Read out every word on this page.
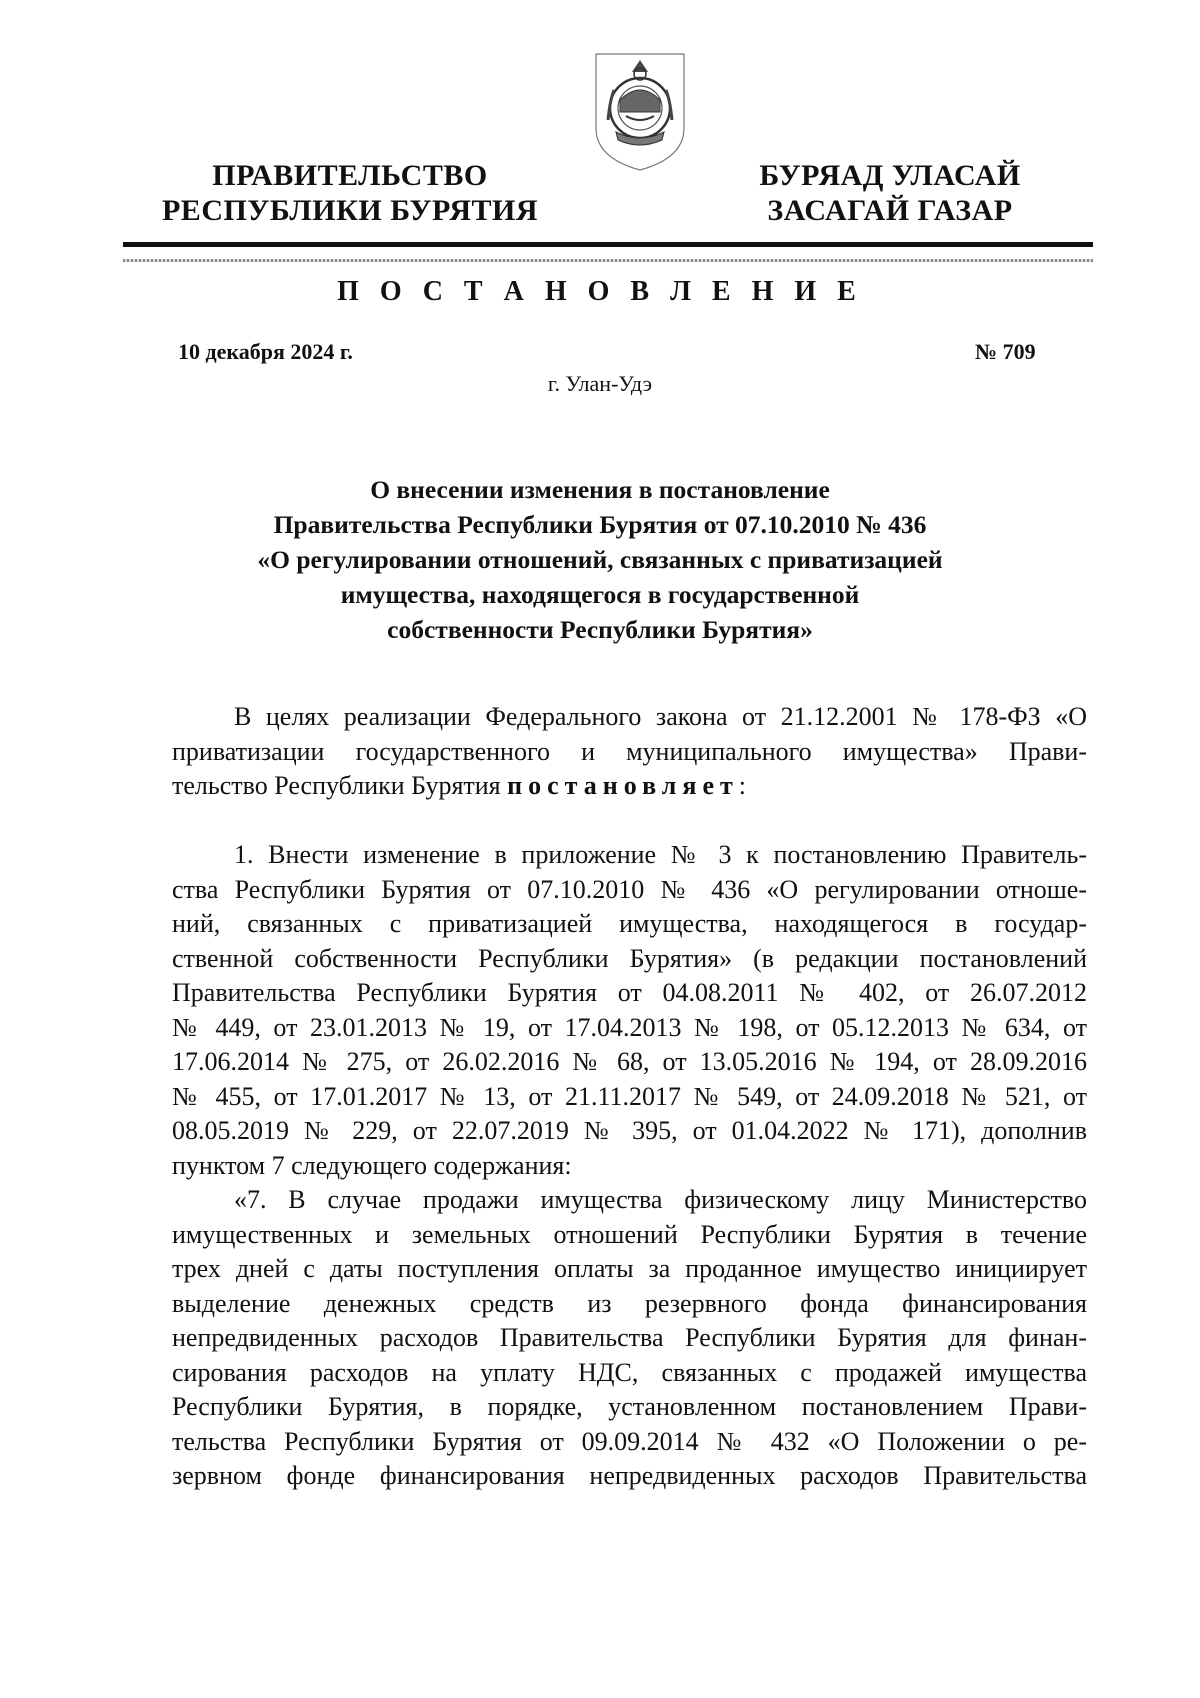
ПРАВИТЕЛЬСТВО
РЕСПУБЛИКИ БУРЯТИЯ
БУРЯАД УЛАСАЙ
ЗАСАГАЙ ГАЗАР
П О С Т А Н О В Л Е Н И Е
10 декабря 2024 г.	№ 709
г. Улан-Удэ
О внесении изменения в постановление
Правительства Республики Бурятия от 07.10.2010 № 436
«О регулировании отношений, связанных с приватизацией
имущества, находящегося в государственной
собственности Республики Бурятия»
В целях реализации Федерального закона от 21.12.2001 № 178-ФЗ «О
приватизации государственного и муниципального имущества» Прави-
тельство Республики Бурятия постановляет:
1. Внести изменение в приложение № 3 к постановлению Правитель-
ства Республики Бурятия от 07.10.2010 № 436 «О регулировании отноше-
ний, связанных с приватизацией имущества, находящегося в государ-
ственной собственности Республики Бурятия» (в редакции постановлений
Правительства Республики Бурятия от 04.08.2011 № 402, от 26.07.2012
№ 449, от 23.01.2013 № 19, от 17.04.2013 № 198, от 05.12.2013 № 634, от
17.06.2014 № 275, от 26.02.2016 № 68, от 13.05.2016 № 194, от 28.09.2016
№ 455, от 17.01.2017 № 13, от 21.11.2017 № 549, от 24.09.2018 № 521, от
08.05.2019 № 229, от 22.07.2019 № 395, от 01.04.2022 № 171), дополнив
пунктом 7 следующего содержания:
«7. В случае продажи имущества физическому лицу Министерство
имущественных и земельных отношений Республики Бурятия в течение
трех дней с даты поступления оплаты за проданное имущество инициирует
выделение денежных средств из резервного фонда финансирования
непредвиденных расходов Правительства Республики Бурятия для финан-
сирования расходов на уплату НДС, связанных с продажей имущества
Республики Бурятия, в порядке, установленном постановлением Прави-
тельства Республики Бурятия от 09.09.2014 № 432 «О Положении о ре-
зервном фонде финансирования непредвиденных расходов Правительства
